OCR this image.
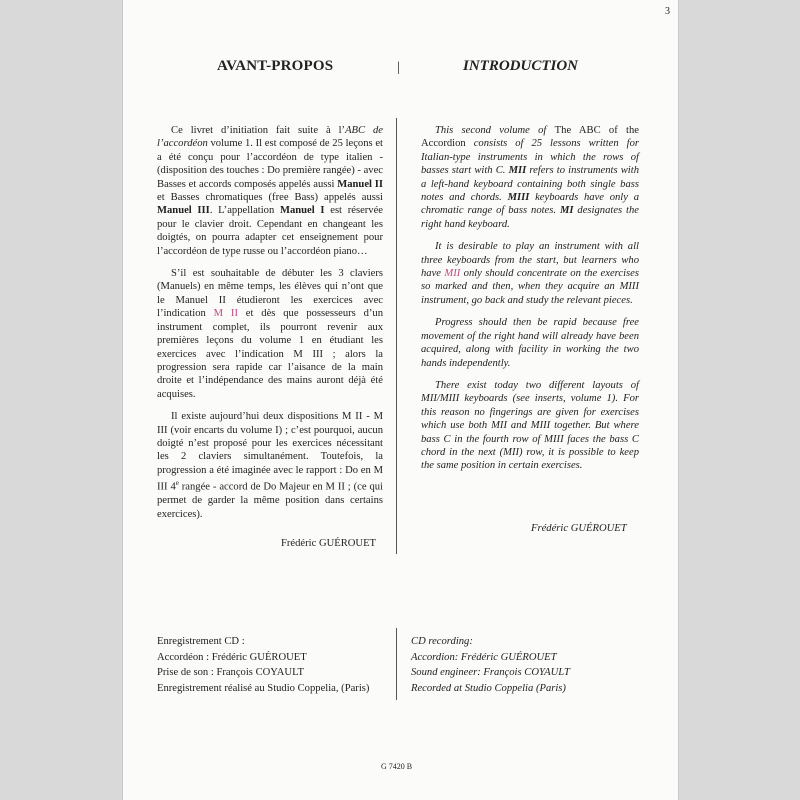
3
AVANT-PROPOS	|	INTRODUCTION

Ce livret d’initiation fait suite à l’ABC de l’accordéon volume 1. Il est composé de 25 leçons et a été conçu pour l’accordéon de type italien - (disposition des touches : Do première rangée) - avec Basses et accords composés appelés aussi Manuel II et Basses chromatiques (free Bass) appelés aussi Manuel III. L’appellation Manuel I est réservée pour le clavier droit. Cependant en changeant les doigtés, on pourra adapter cet enseignement pour l’accordéon de type russe ou l’accordéon piano…

S’il est souhaitable de débuter les 3 claviers (Manuels) en même temps, les élèves qui n’ont que le Manuel II étudieront les exercices avec l’indication M II et dès que possesseurs d’un instrument complet, ils pourront revenir aux premières leçons du volume 1 en étudiant les exercices avec l’indication M III ; alors la progression sera rapide car l’aisance de la main droite et l’indépendance des mains auront déjà été acquises.

Il existe aujourd’hui deux dispositions M II - M III (voir encarts du volume I) ; c’est pourquoi, aucun doigté n’est proposé pour les exercices nécessitant les 2 claviers simultanément. Toutefois, la progression a été imaginée avec le rapport : Do en M III 4e rangée - accord de Do Majeur en M II ; (ce qui permet de garder la même position dans certains exercices).

Frédéric GUÉROUET

This second volume of The ABC of the Accordion consists of 25 lessons written for Italian-type instruments in which the rows of basses start with C. MII refers to instruments with a left-hand keyboard containing both single bass notes and chords. MIII keyboards have only a chromatic range of bass notes. MI designates the right hand keyboard.

It is desirable to play an instrument with all three keyboards from the start, but learners who have MII only should concentrate on the exercises so marked and then, when they acquire an MIII instrument, go back and study the relevant pieces.

Progress should then be rapid because free movement of the right hand will already have been acquired, along with facility in working the two hands independently.

There exist today two different layouts of MII/MIII keyboards (see inserts, volume 1). For this reason no fingerings are given for exercises which use both MII and MIII together. But where bass C in the fourth row of MIII faces the bass C chord in the next (MII) row, it is possible to keep the same position in certain exercises.

Frédéric GUÉROUET
Enregistrement CD :
Accordéon : Frédéric GUÉROUET
Prise de son : François COYAULT
Enregistrement réalisé au Studio Coppelia, (Paris)
CD recording:
Accordion: Frédéric GUÉROUET
Sound engineer: François COYAULT
Recorded at Studio Coppelia (Paris)
G 7420 B
